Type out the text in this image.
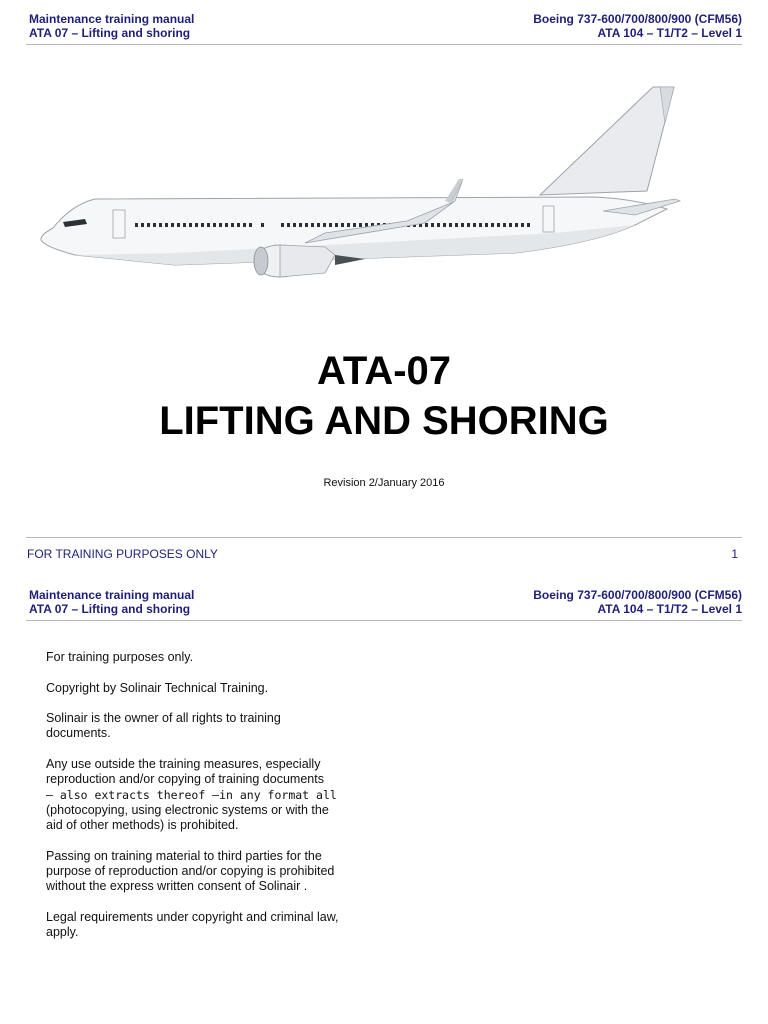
Maintenance training manual
ATA 07 – Lifting and shoring
Boeing 737-600/700/800/900 (CFM56)
ATA 104 – T1/T2 – Level 1
ATA-07
LIFTING AND SHORING
Revision 2/January 2016
FOR TRAINING PURPOSES ONLY	1
Maintenance training manual
ATA 07 – Lifting and shoring
Boeing 737-600/700/800/900 (CFM56)
ATA 104 – T1/T2 – Level 1

For training purposes only.

Copyright by Solinair Technical Training.

Solinair is the owner of all rights to training documents.

Any use outside the training measures, especially reproduction and/or copying of training documents
– also extracts thereof –in any format all
(photocopying, using electronic systems or with the aid of other methods) is prohibited.

Passing on training material to third parties for the purpose of reproduction and/or copying is prohibited without the express written consent of Solinair .

Legal requirements under copyright and criminal law, apply.
